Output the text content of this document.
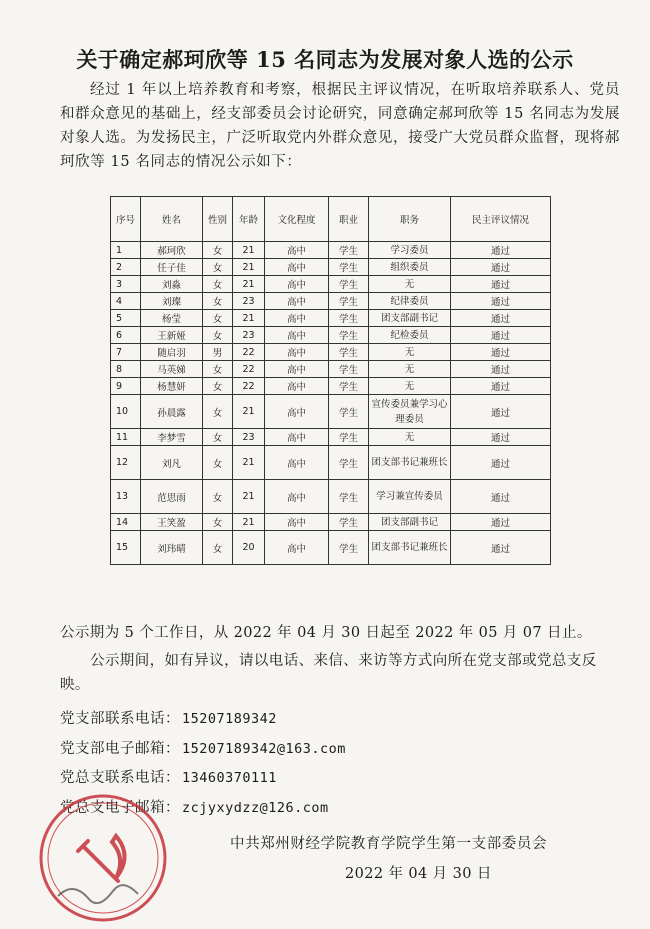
关于确定郝珂欣等 15 名同志为发展对象人选的公示
经过 1 年以上培养教育和考察，根据民主评议情况，在听取培养联系人、党员和群众意见的基础上，经支部委员会讨论研究，同意确定郝珂欣等 15 名同志为发展对象人选。为发扬民主，广泛听取党内外群众意见，接受广大党员群众监督，现将郝珂欣等 15 名同志的情况公示如下：
序号	姓名	性别	年龄	文化程度	职业	职务	民主评议情况
1	郝珂欣	女	21	高中	学生	学习委员	通过
2	任子佳	女	21	高中	学生	组织委员	通过
3	刘淼	女	21	高中	学生	无	通过
4	刘璨	女	23	高中	学生	纪律委员	通过
5	杨莹	女	21	高中	学生	团支部副书记	通过
6	王新娅	女	23	高中	学生	纪检委员	通过
7	随启羽	男	22	高中	学生	无	通过
8	马英娣	女	22	高中	学生	无	通过
9	杨慧妍	女	22	高中	学生	无	通过
10	孙晨露	女	21	高中	学生	宣传委员兼学习心理委员	通过
11	李梦雪	女	23	高中	学生	无	通过
12	刘凡	女	21	高中	学生	团支部书记兼班长	通过
13	范思雨	女	21	高中	学生	学习兼宣传委员	通过
14	王笑盈	女	21	高中	学生	团支部副书记	通过
15	刘玮晴	女	20	高中	学生	团支部书记兼班长	通过
公示期为 5 个工作日，从 2022 年 04 月 30 日起至 2022 年 05 月 07 日止。
公示期间，如有异议，请以电话、来信、来访等方式向所在党支部或党总支反映。
党支部联系电话： 15207189342
党支部电子邮箱： 15207189342@163.com
党总支联系电话： 13460370111
党总支电子邮箱： zcjyxydzz@126.com
中共郑州财经学院教育学院学生第一支部委员会
2022 年 04 月 30 日
